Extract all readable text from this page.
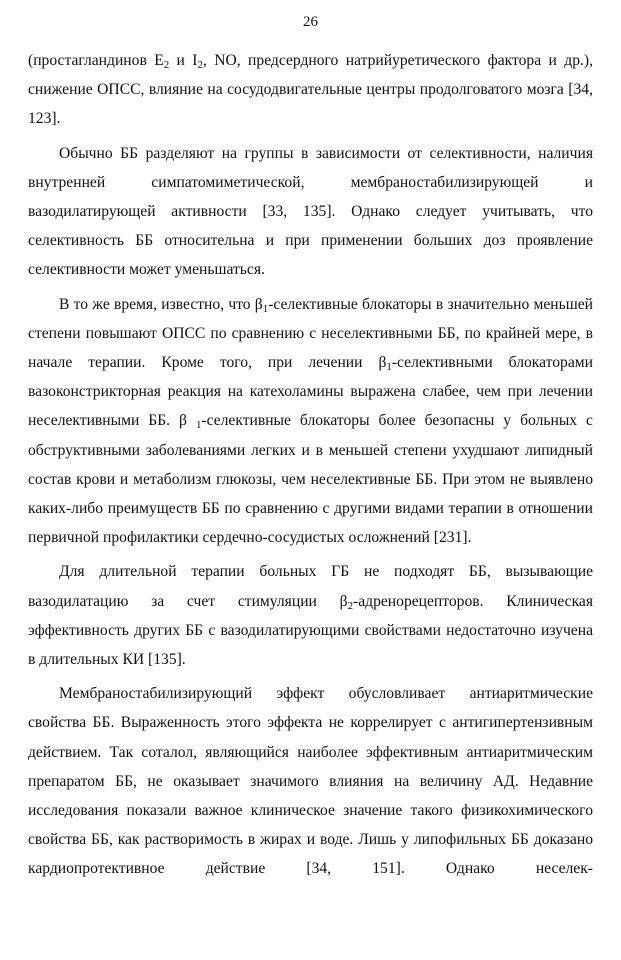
26

(простагландинов $E_2$ и $I_2$, NO, предсердного натрийуретического фактора и др.), снижение ОПСС, влияние на сосудодвигательные центры продолговатого мозга [34, 123].

Обычно ББ разделяют на группы в зависимости от селективности, наличия внутренней симпатомиметической, мембраностабилизирующей и вазодилатирующей активности [33, 135]. Однако следует учитывать, что селективность ББ относительна и при применении больших доз проявление селективности может уменьшаться.

В то же время, известно, что $\beta_1$-селективные блокаторы в значительно меньшей степени повышают ОПСС по сравнению с неселективными ББ, по крайней мере, в начале терапии. Кроме того, при лечении $\beta_1$-селективными блокаторами вазоконстрикторная реакция на катехоламины выражена слабее, чем при лечении неселективными ББ. β $_1$-селективные блокаторы более безопасны у больных с обструктивными заболеваниями легких и в меньшей степени ухудшают липидный состав крови и метаболизм глюкозы, чем неселективные ББ. При этом не выявлено каких-либо преимуществ ББ по сравнению с другими видами терапии в отношении первичной профилактики сердечно-сосудистых осложнений [231].

Для длительной терапии больных ГБ не подходят ББ, вызывающие вазодилатацию за счет стимуляции $\beta_2$-адренорецепторов. Клиническая эффективность других ББ с вазодилатирующими свойствами недостаточно изучена в длительных КИ [135].

Мембраностабилизирующий эффект обусловливает антиаритмические свойства ББ. Выраженность этого эффекта не коррелирует с антигипертензивным действием. Так соталол, являющийся наиболее эффективным антиаритмическим препаратом ББ, не оказывает значимого влияния на величину АД. Недавние исследования показали важное клиническое значение такого физикохимического свойства ББ, как растворимость в жирах и воде. Лишь у липофильных ББ доказано кардиопротективное действие [34, 151]. Однако неселек-
